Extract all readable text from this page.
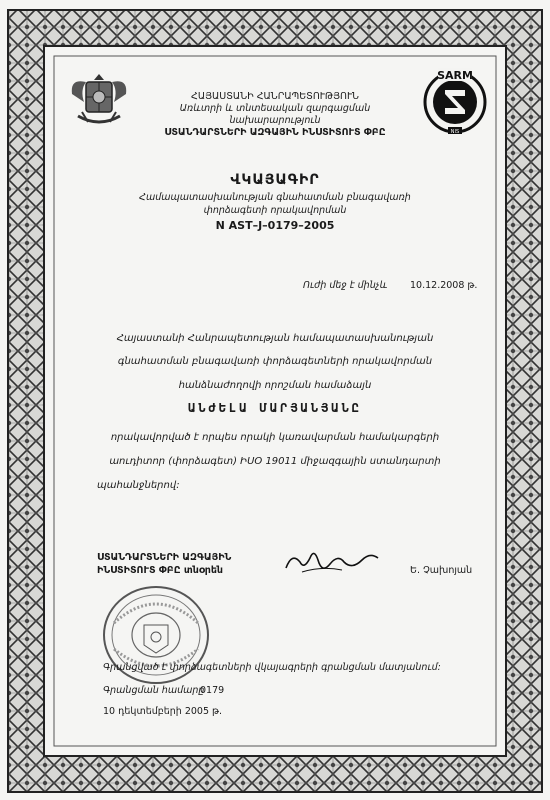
SARM
NIS
ՀԱՅԱՍՏԱՆԻ ՀԱՆՐԱՊԵՏՈՒԹՅՈՒՆ
Առևտրի և տնտեսական զարգացման
նախարարություն
ՍՏԱՆԴԱՐՏՆԵՐԻ ԱԶԳԱՅԻՆ ԻՆՍՏԻՏՈՒՏ ՓԲԸ
ՎԿԱՅԱԳԻՐ
Համապատասխանության գնահատման բնագավառի
փորձագետի որակավորման
N AST–J–0179–2005
Ուժի մեջ է մինչև 10.12.2008 թ.
Հայաստանի Հանրապետության համապատասխանության
գնահատման բնագավառի փորձագետների որակավորման
հանձնաժողովի որոշման համաձայն
ԱՆԺԵԼԱ ՄԱՐՅԱՆՅԱՆԸ
որակավորված է որպես որակի կառավարման համակարգերի
աուդիտոր (փորձագետ) ԻՍՕ 19011 միջազգային ստանդարտի
պահանջներով:
ՍՏԱՆԴԱՐՏՆԵՐԻ ԱԶԳԱՅԻՆ
ԻՆՍՏԻՏՈՒՏ ՓԲԸ տնօրեն	Ե. Չախոյան
Գրանցված է փորձագետների վկայագրերի գրանցման մատյանում:
Գրանցման համարը
0179
10 դեկտեմբերի 2005 թ.
